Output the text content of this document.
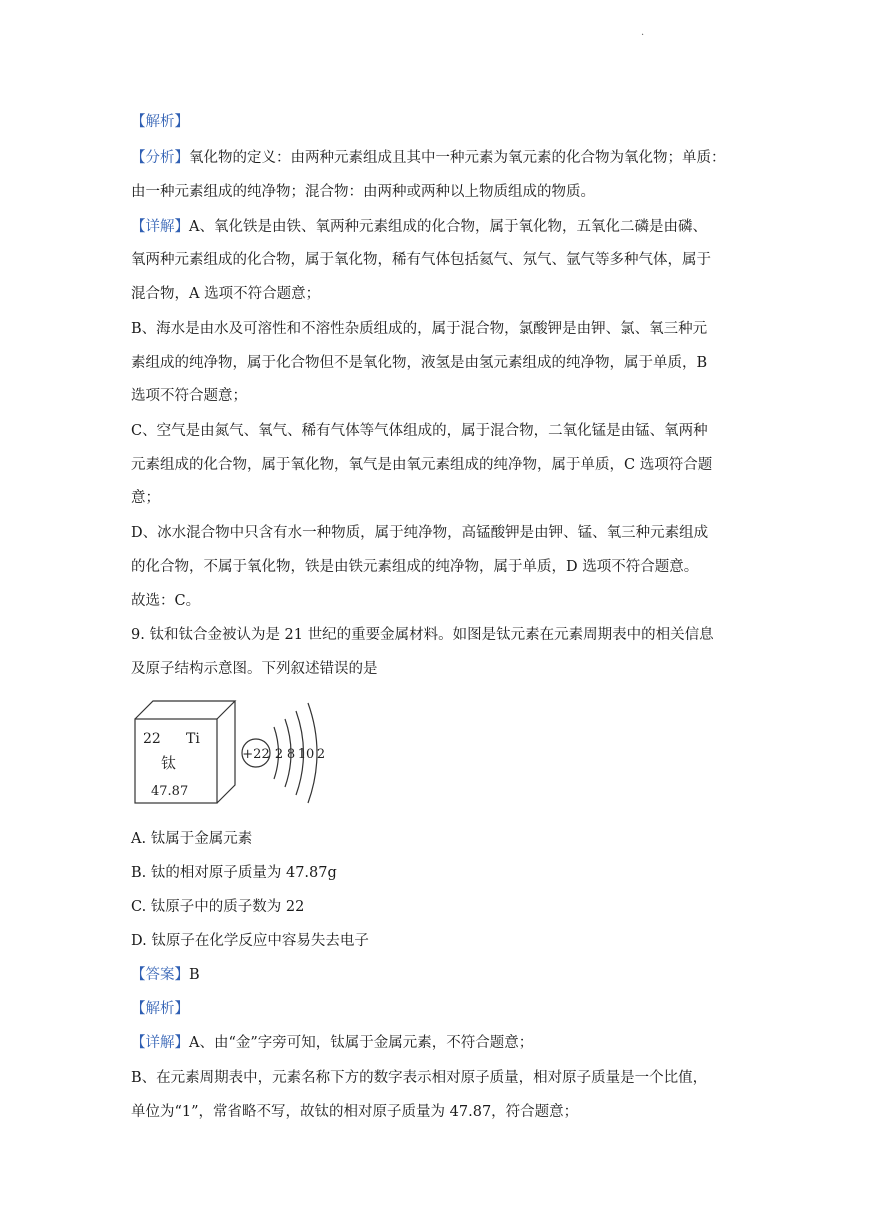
·
【解析】
【分析】氧化物的定义：由两种元素组成且其中一种元素为氧元素的化合物为氧化物；单质：
由一种元素组成的纯净物；混合物：由两种或两种以上物质组成的物质。
【详解】A、氧化铁是由铁、氧两种元素组成的化合物，属于氧化物，五氧化二磷是由磷、
氧两种元素组成的化合物，属于氧化物，稀有气体包括氦气、氖气、氩气等多种气体，属于
混合物，A 选项不符合题意；
B、海水是由水及可溶性和不溶性杂质组成的，属于混合物，氯酸钾是由钾、氯、氧三种元
素组成的纯净物，属于化合物但不是氧化物，液氢是由氢元素组成的纯净物，属于单质，B
选项不符合题意；
C、空气是由氮气、氧气、稀有气体等气体组成的，属于混合物，二氧化锰是由锰、氧两种
元素组成的化合物，属于氧化物，氧气是由氧元素组成的纯净物，属于单质，C 选项符合题
意；
D、冰水混合物中只含有水一种物质，属于纯净物，高锰酸钾是由钾、锰、氧三种元素组成
的化合物，不属于氧化物，铁是由铁元素组成的纯净物，属于单质，D 选项不符合题意。
故选：C。
9. 钛和钛合金被认为是 21 世纪的重要金属材料。如图是钛元素在元素周期表中的相关信息
及原子结构示意图。下列叙述错误的是
22 Ti
钛
47.87
+22 2 8 10 2
A. 钛属于金属元素
B. 钛的相对原子质量为 47.87g
C. 钛原子中的质子数为 22
D. 钛原子在化学反应中容易失去电子
【答案】B
【解析】
【详解】A、由“金”字旁可知，钛属于金属元素，不符合题意；
B、在元素周期表中，元素名称下方的数字表示相对原子质量，相对原子质量是一个比值，
单位为“1”，常省略不写，故钛的相对原子质量为 47.87，符合题意；
